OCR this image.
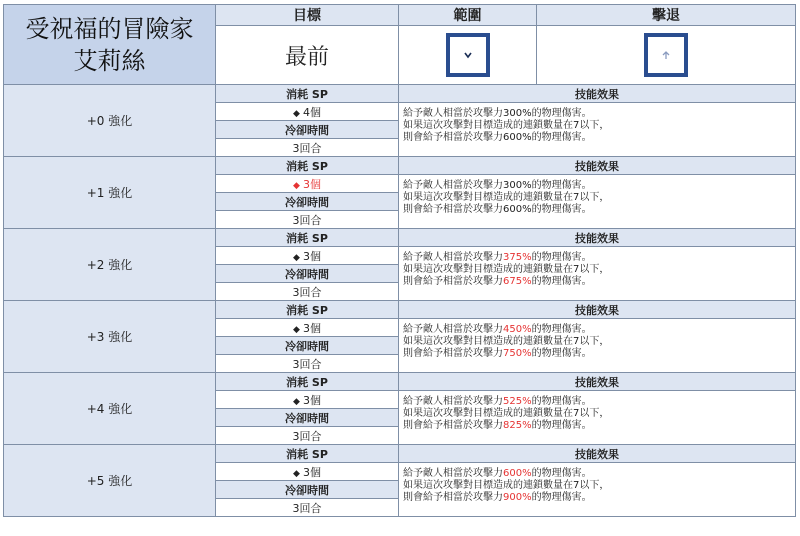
受祝福的冒險家
艾莉絲	目標	範圍	擊退
	最前	

+0 強化	消耗 SP	技能效果	
	◆ 4個	給予敵人相當於攻擊力300%的物理傷害。
如果這次攻擊對目標造成的連鎖數量在7以下，
則會給予相當於攻擊力600%的物理傷害。	

	冷卻時間		
	3回合		
+1 強化	消耗 SP	技能效果	
	◆ 3個	給予敵人相當於攻擊力300%的物理傷害。
如果這次攻擊對目標造成的連鎖數量在7以下，
則會給予相當於攻擊力600%的物理傷害。	

	冷卻時間		
	3回合		
+2 強化	消耗 SP	技能效果	
	◆ 3個	給予敵人相當於攻擊力375%的物理傷害。
如果這次攻擊對目標造成的連鎖數量在7以下，
則會給予相當於攻擊力675%的物理傷害。	

	冷卻時間		
	3回合		
+3 強化	消耗 SP	技能效果	
	◆ 3個	給予敵人相當於攻擊力450%的物理傷害。
如果這次攻擊對目標造成的連鎖數量在7以下，
則會給予相當於攻擊力750%的物理傷害。	

	冷卻時間		
	3回合		
+4 強化	消耗 SP	技能效果	
	◆ 3個	給予敵人相當於攻擊力525%的物理傷害。
如果這次攻擊對目標造成的連鎖數量在7以下，
則會給予相當於攻擊力825%的物理傷害。	

	冷卻時間		
	3回合		
+5 強化	消耗 SP	技能效果	
	◆ 3個	給予敵人相當於攻擊力600%的物理傷害。
如果這次攻擊對目標造成的連鎖數量在7以下，
則會給予相當於攻擊力900%的物理傷害。	

	冷卻時間		
	3回合		
